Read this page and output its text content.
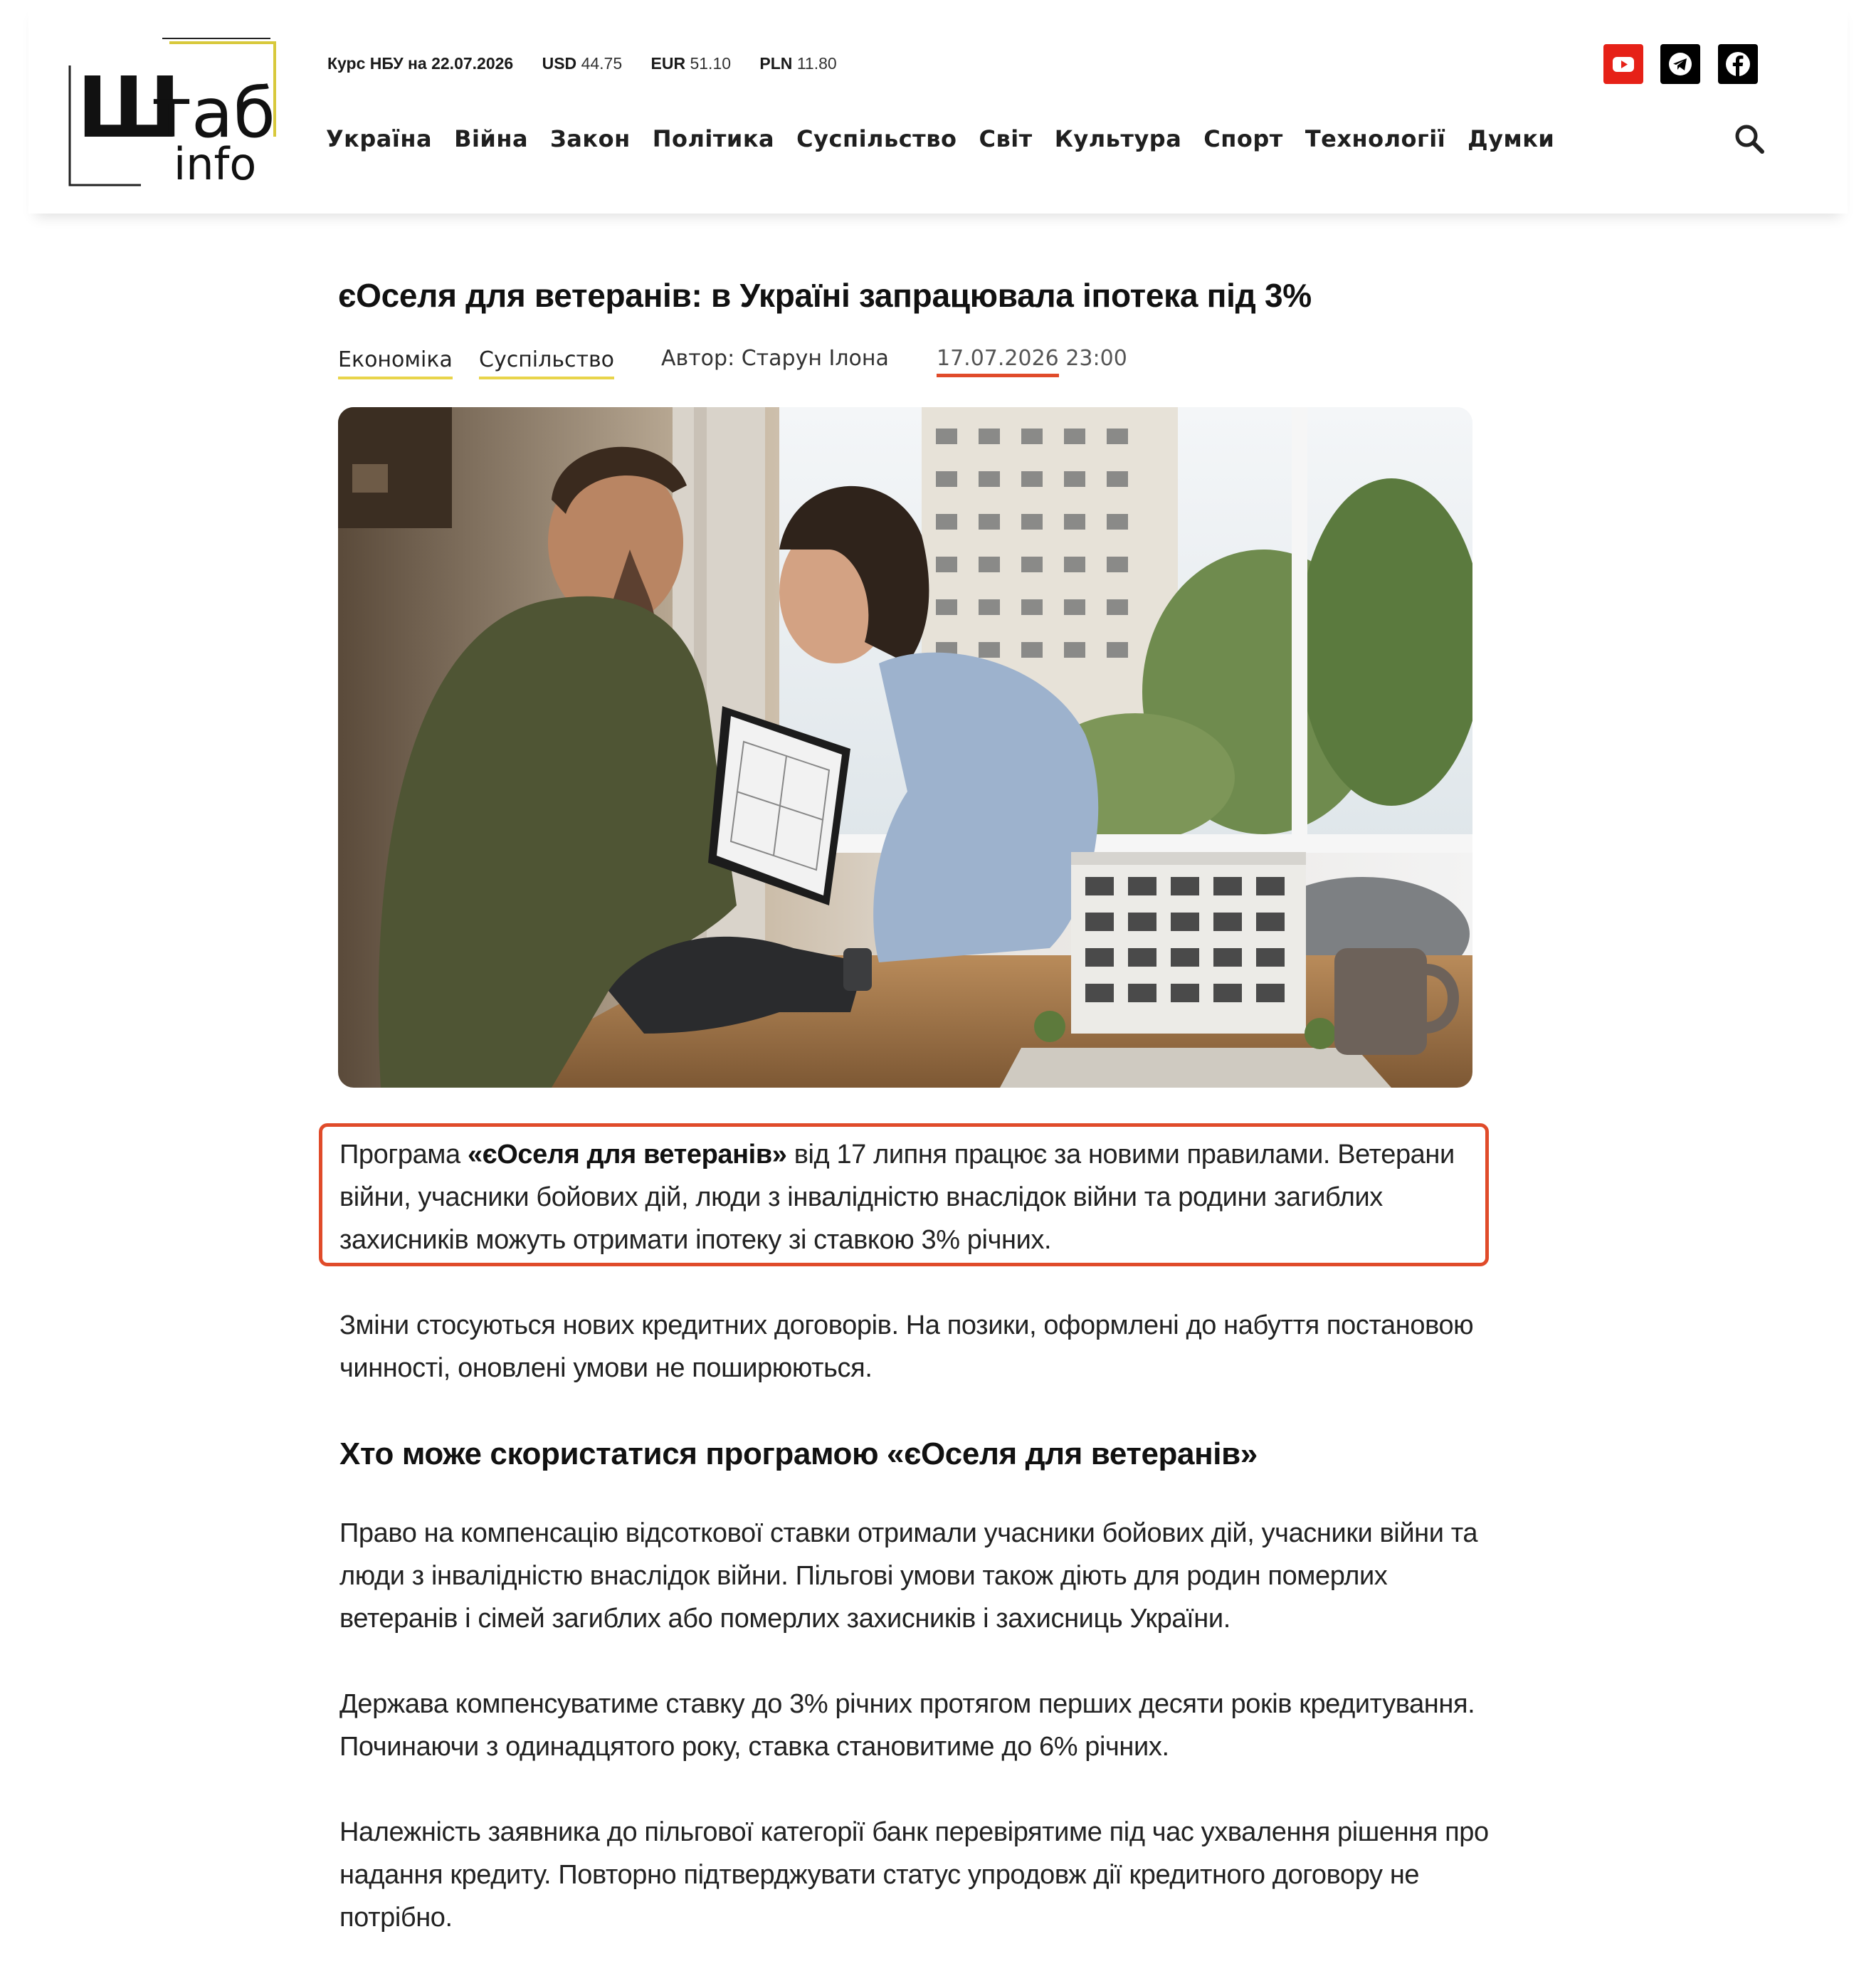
Ш
таб
info
Курс НБУ на 22.07.2026 USD 44.75 EUR 51.10 PLN 11.80
Україна Війна Закон Політика Суспільство Світ Культура Спорт Технології Думки
єОселя для ветеранів: в Україні запрацювала іпотека під 3%
Економіка Суспільство Автор: Старун Ілона 17.07.2026 23:00

Програма «єОселя для ветеранів» від 17 липня працює за новими правилами. Ветерани війни, учасники бойових дій, люди з інвалідністю внаслідок війни та родини загиблих захисників можуть отримати іпотеку зі ставкою 3% річних.

Зміни стосуються нових кредитних договорів. На позики, оформлені до набуття постановою чинності, оновлені умови не поширюються.

Хто може скористатися програмою «єОселя для ветеранів»

Право на компенсацію відсоткової ставки отримали учасники бойових дій, учасники війни та люди з інвалідністю внаслідок війни. Пільгові умови також діють для родин померлих ветеранів і сімей загиблих або померлих захисників і захисниць України.

Держава компенсуватиме ставку до 3% річних протягом перших десяти років кредитування. Починаючи з одинадцятого року, ставка становитиме до 6% річних.

Належність заявника до пільгової категорії банк перевірятиме під час ухвалення рішення про надання кредиту. Повторно підтверджувати статус упродовж дії кредитного договору не потрібно.
